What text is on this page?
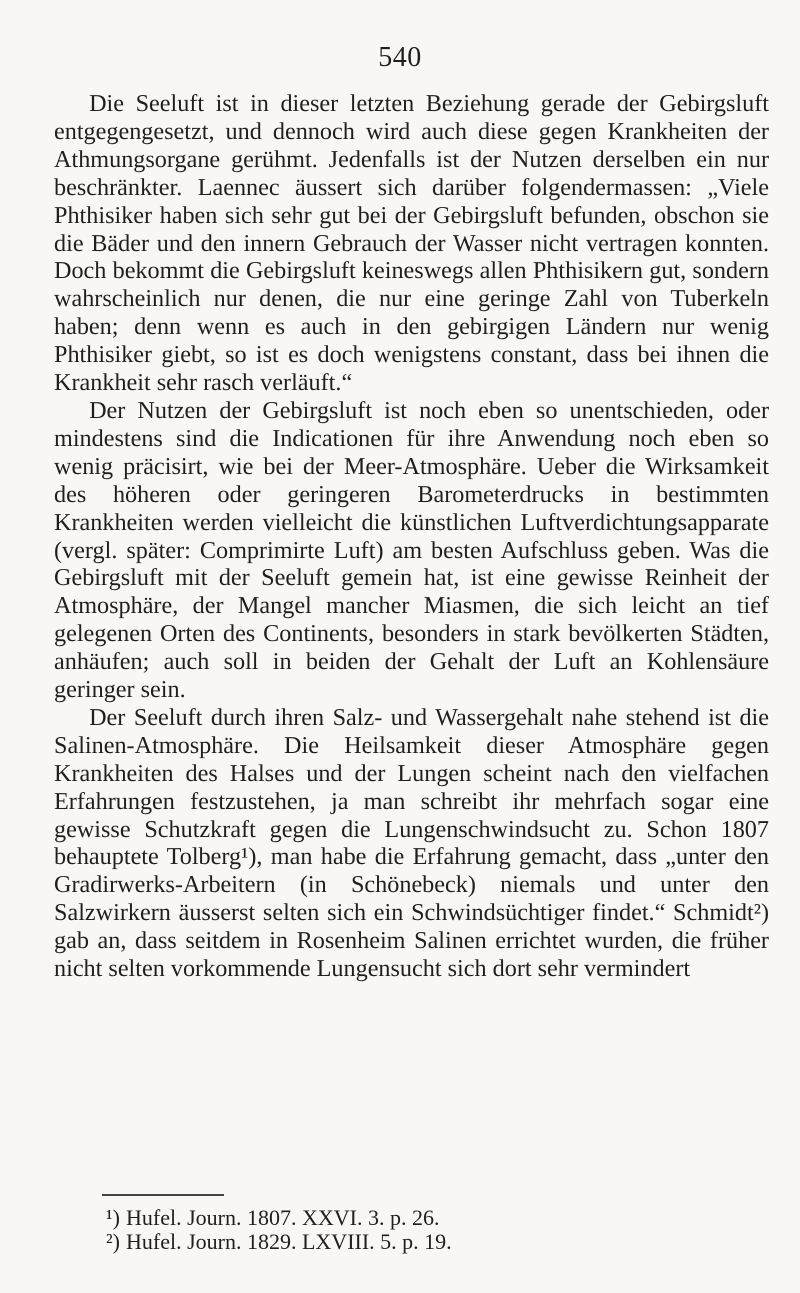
540

Die Seeluft ist in dieser letzten Beziehung gerade der Gebirgsluft entgegengesetzt, und dennoch wird auch diese gegen Krankheiten der Athmungsorgane gerühmt. Jedenfalls ist der Nutzen derselben ein nur beschränkter. Laennec äussert sich darüber folgendermassen: „Viele Phthisiker haben sich sehr gut bei der Gebirgsluft befunden, obschon sie die Bäder und den innern Gebrauch der Wasser nicht vertragen konnten. Doch bekommt die Gebirgsluft keineswegs allen Phthisikern gut, sondern wahrscheinlich nur denen, die nur eine geringe Zahl von Tuberkeln haben; denn wenn es auch in den gebirgigen Ländern nur wenig Phthisiker giebt, so ist es doch wenigstens constant, dass bei ihnen die Krankheit sehr rasch verläuft.“

Der Nutzen der Gebirgsluft ist noch eben so unentschieden, oder mindestens sind die Indicationen für ihre Anwendung noch eben so wenig präcisirt, wie bei der Meer-Atmosphäre. Ueber die Wirksamkeit des höheren oder geringeren Barometerdrucks in bestimmten Krankheiten werden vielleicht die künstlichen Luftverdichtungsapparate (vergl. später: Comprimirte Luft) am besten Aufschluss geben. Was die Gebirgsluft mit der Seeluft gemein hat, ist eine gewisse Reinheit der Atmosphäre, der Mangel mancher Miasmen, die sich leicht an tief gelegenen Orten des Continents, besonders in stark bevölkerten Städten, anhäufen; auch soll in beiden der Gehalt der Luft an Kohlensäure geringer sein.

Der Seeluft durch ihren Salz- und Wassergehalt nahe stehend ist die Salinen-Atmosphäre. Die Heilsamkeit dieser Atmosphäre gegen Krankheiten des Halses und der Lungen scheint nach den vielfachen Erfahrungen festzustehen, ja man schreibt ihr mehrfach sogar eine gewisse Schutzkraft gegen die Lungenschwindsucht zu. Schon 1807 behauptete Tolberg¹), man habe die Erfahrung gemacht, dass „unter den Gradirwerks-Arbeitern (in Schönebeck) niemals und unter den Salzwirkern äusserst selten sich ein Schwindsüchtiger findet.“ Schmidt²) gab an, dass seitdem in Rosenheim Salinen errichtet wurden, die früher nicht selten vorkommende Lungensucht sich dort sehr vermindert

¹) Hufel. Journ. 1807. XXVI. 3. p. 26.
²) Hufel. Journ. 1829. LXVIII. 5. p. 19.
